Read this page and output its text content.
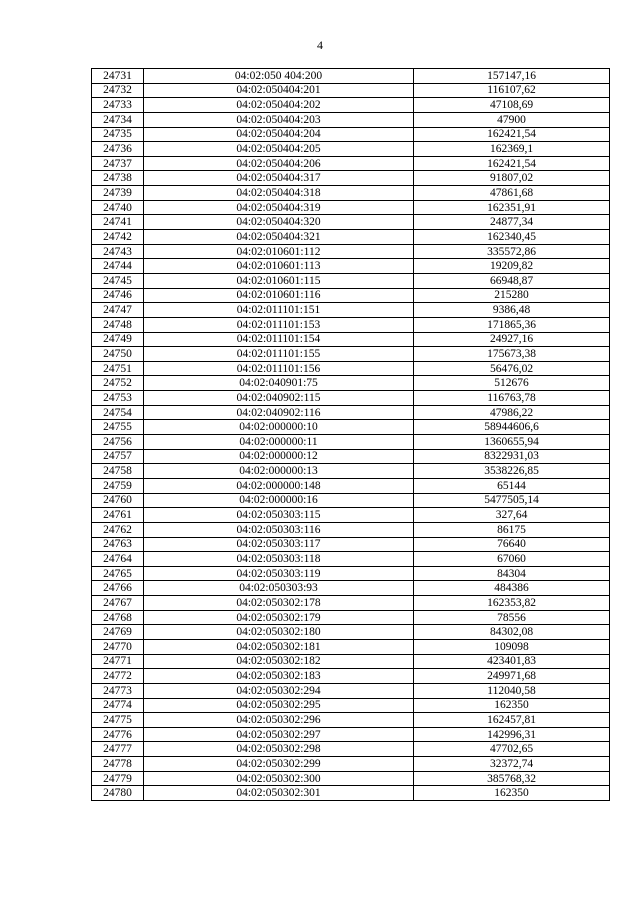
4
24731	04:02:050 404:200	157147,16
24732	04:02:050404:201	116107,62
24733	04:02:050404:202	47108,69
24734	04:02:050404:203	47900
24735	04:02:050404:204	162421,54
24736	04:02:050404:205	162369,1
24737	04:02:050404:206	162421,54
24738	04:02:050404:317	91807,02
24739	04:02:050404:318	47861,68
24740	04:02:050404:319	162351,91
24741	04:02:050404:320	24877,34
24742	04:02:050404:321	162340,45
24743	04:02:010601:112	335572,86
24744	04:02:010601:113	19209,82
24745	04:02:010601:115	66948,87
24746	04:02:010601:116	215280
24747	04:02:011101:151	9386,48
24748	04:02:011101:153	171865,36
24749	04:02:011101:154	24927,16
24750	04:02:011101:155	175673,38
24751	04:02:011101:156	56476,02
24752	04:02:040901:75	512676
24753	04:02:040902:115	116763,78
24754	04:02:040902:116	47986,22
24755	04:02:000000:10	58944606,6
24756	04:02:000000:11	1360655,94
24757	04:02:000000:12	8322931,03
24758	04:02:000000:13	3538226,85
24759	04:02:000000:148	65144
24760	04:02:000000:16	5477505,14
24761	04:02:050303:115	327,64
24762	04:02:050303:116	86175
24763	04:02:050303:117	76640
24764	04:02:050303:118	67060
24765	04:02:050303:119	84304
24766	04:02:050303:93	484386
24767	04:02:050302:178	162353,82
24768	04:02:050302:179	78556
24769	04:02:050302:180	84302,08
24770	04:02:050302:181	109098
24771	04:02:050302:182	423401,83
24772	04:02:050302:183	249971,68
24773	04:02:050302:294	112040,58
24774	04:02:050302:295	162350
24775	04:02:050302:296	162457,81
24776	04:02:050302:297	142996,31
24777	04:02:050302:298	47702,65
24778	04:02:050302:299	32372,74
24779	04:02:050302:300	385768,32
24780	04:02:050302:301	162350
